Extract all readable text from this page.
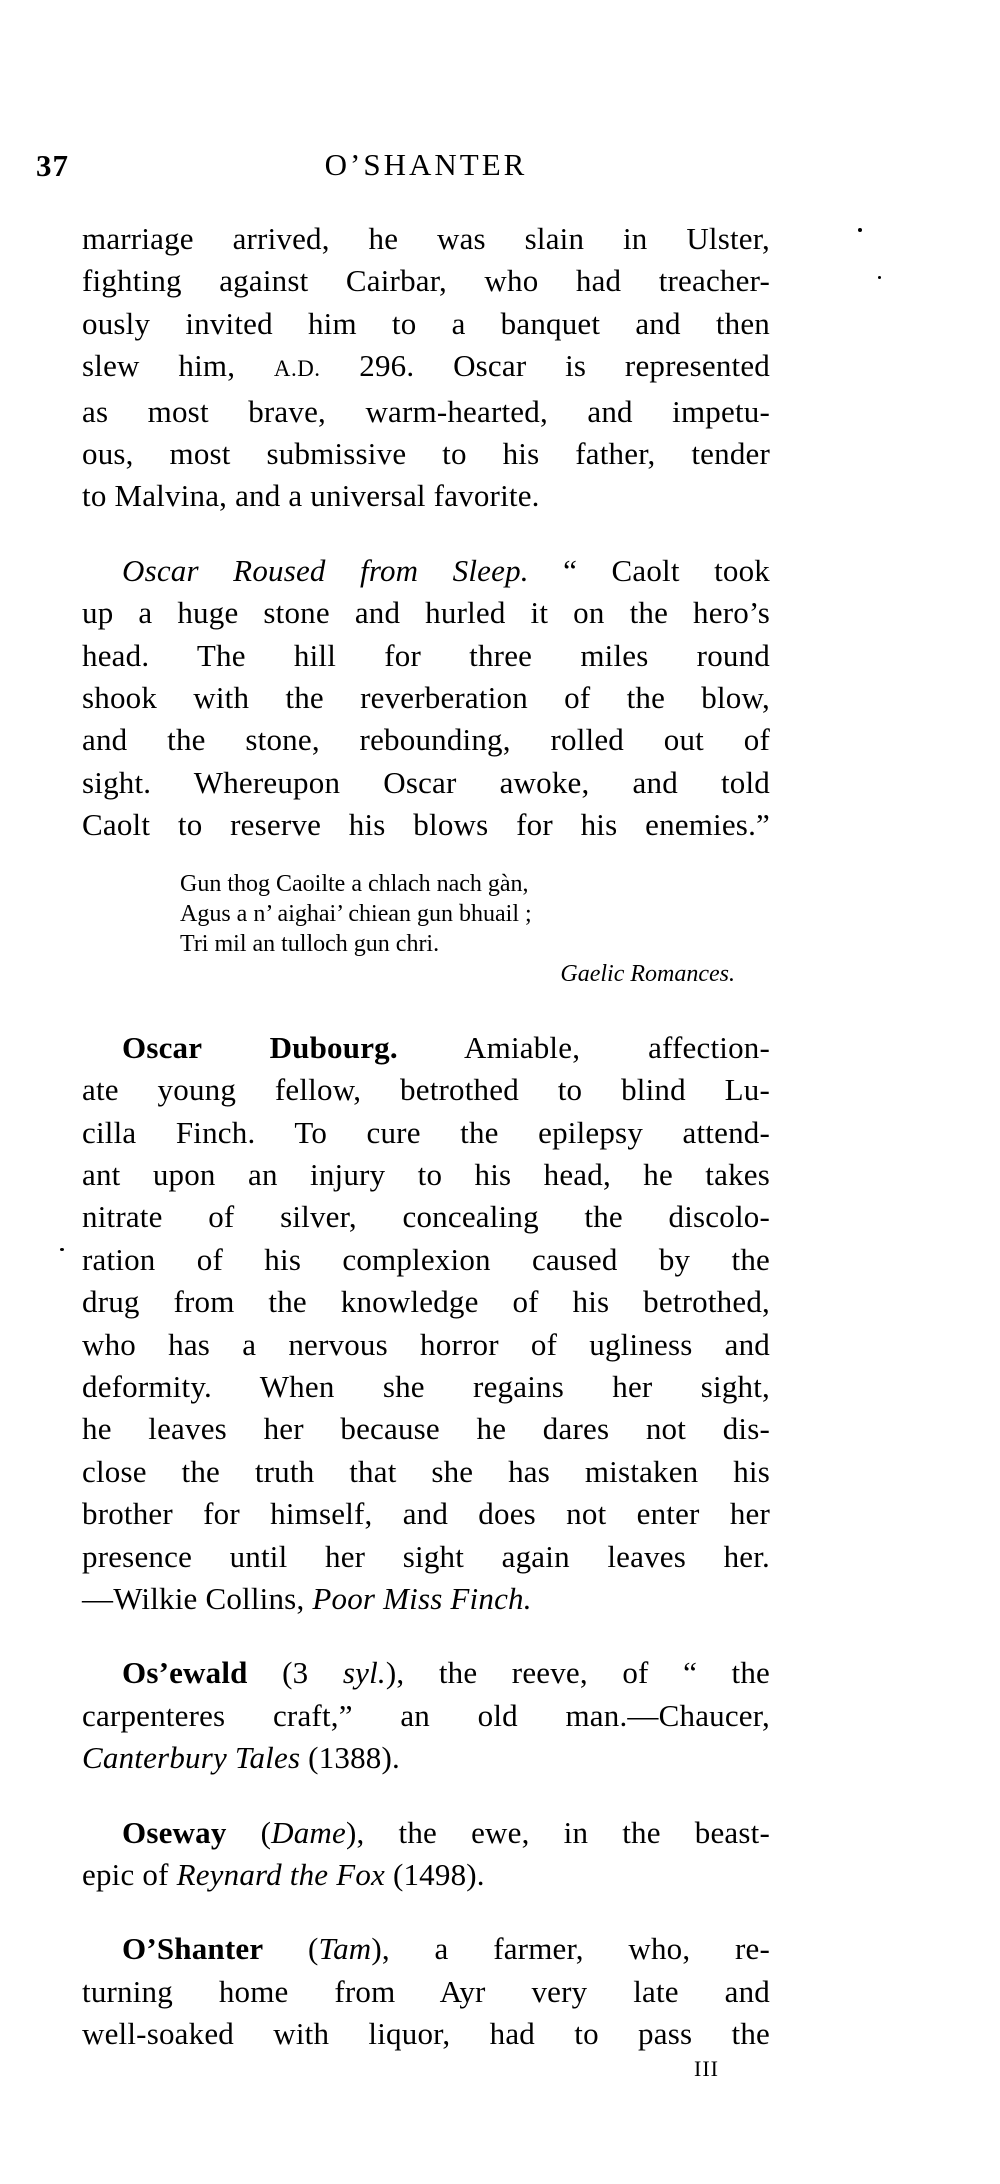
37	O’SHANTER
marriage arrived, he was slain in Ulster,
fighting against Cairbar, who had treacher-
ously invited him to a banquet and then
slew him, A.D. 296. Oscar is represented
as most brave, warm-hearted, and impetu-
ous, most submissive to his father, tender
to Malvina, and a universal favorite.
Oscar Roused from Sleep. “ Caolt took
up a huge stone and hurled it on the hero’s
head. The hill for three miles round
shook with the reverberation of the blow,
and the stone, rebounding, rolled out of
sight. Whereupon Oscar awoke, and told
Caolt to reserve his blows for his enemies.”
Gun thog Caoilte a chlach nach gàn,
Agus a n’ aighai’ chiean gun bhuail ;
Tri mil an tulloch gun chri.
Gaelic Romances.
Oscar Dubourg. Amiable, affection-
ate young fellow, betrothed to blind Lu-
cilla Finch. To cure the epilepsy attend-
ant upon an injury to his head, he takes
nitrate of silver, concealing the discolo-
ration of his complexion caused by the
drug from the knowledge of his betrothed,
who has a nervous horror of ugliness and
deformity. When she regains her sight,
he leaves her because he dares not dis-
close the truth that she has mistaken his
brother for himself, and does not enter her
presence until her sight again leaves her.
—Wilkie Collins, Poor Miss Finch.
Os’ewald (3 syl.), the reeve, of “ the
carpenteres craft,” an old man.—Chaucer,
Canterbury Tales (1388).
Oseway (Dame), the ewe, in the beast-
epic of Reynard the Fox (1498).
O’Shanter (Tam), a farmer, who, re-
turning home from Ayr very late and
well-soaked with liquor, had to pass the
III
